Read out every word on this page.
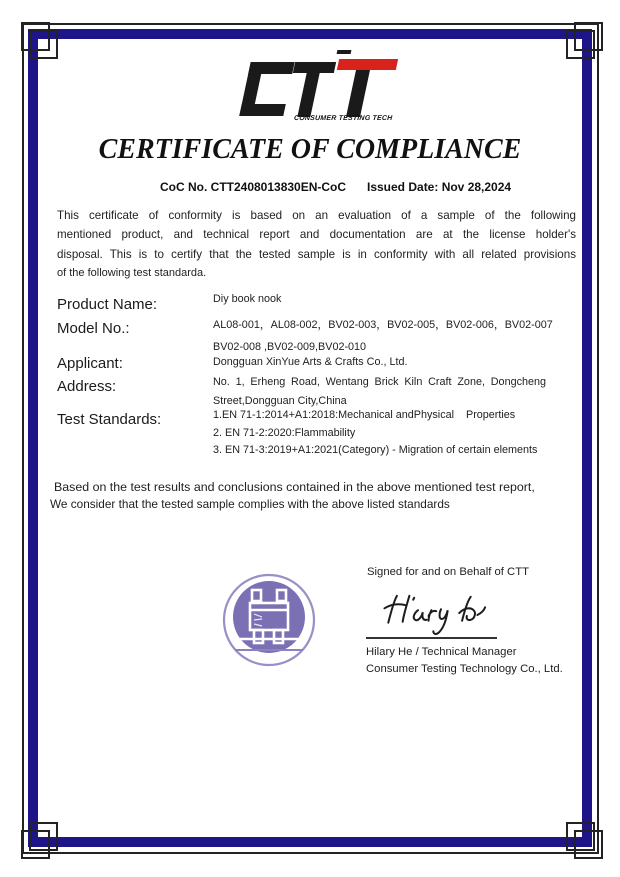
CONSUMER TESTING TECH
CERTIFICATE OF COMPLIANCE
CoC No. CTT2408013830EN-CoC Issued Date: Nov 28,2024
This certificate of conformity is based on an evaluation of a sample of the following
mentioned product, and technical report and documentation are at the license holder's
disposal. This is to certify that the tested sample is in conformity with all related provisions
of the following test standarda.
Product Name:	Diy book nook
Model No.:	AL08-001，AL08-002，BV02-003，BV02-005，BV02-006，BV02-007
BV02-008 ,BV02-009,BV02-010
Applicant:	Dongguan XinYue Arts & Crafts Co., Ltd.
Address:	No. 1, Erheng Road, Wentang Brick Kiln Craft Zone, Dongcheng
Street,Dongguan City,China
Test Standards:	1.EN 71-1:2014+A1:2018:Mechanical andPhysical    Properties
2. EN 71-2:2020:Flammability
3. EN 71-3:2019+A1:2021(Category) - Migration of certain elements
Based on the test results and conclusions contained in the above mentioned test report,
We consider that the tested sample complies with the above listed standards
Signed for and on Behalf of CTT
Hilary He / Technical Manager
Consumer Testing Technology Co., Ltd.
